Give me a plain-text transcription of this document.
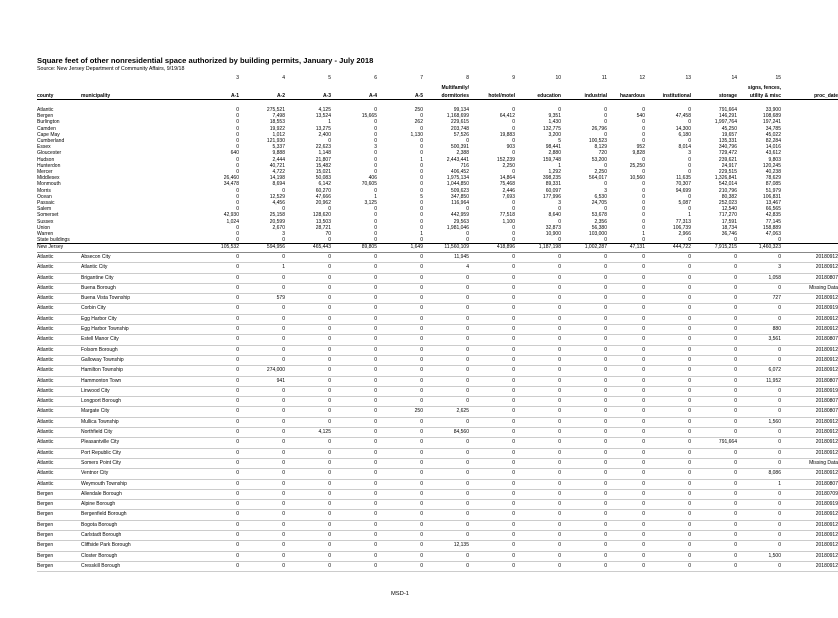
Square feet of other nonresidential space authorized by building permits, January - July 2018
Source: New Jersey Department of Community Affairs, 9/19/18
		3	4	5	6	7	8	9	10	11	12	13	14	15	
							Multifamily/							signs, fences,	
county	municipality	A-1	A-2	A-3	A-4	A-5	dormitories	hotel/motel	education	industrial	hazardous	institutional	storage	utility & misc	proc_date
Atlantic		0	275,521	4,125	0	250	99,134	0	0	0	0	0	791,664	33,900	
Bergen		0	7,498	13,524	15,665	0	1,168,699	64,412	9,351	0	540	47,458	146,291	108,689	
Burlington		0	18,553	1	0	262	229,615	0	1,430	0	0	0	1,997,764	197,241	
Camden		0	19,922	13,275	0	0	203,748	0	132,775	26,796	0	14,300	45,250	34,785	
Cape May		0	1,012	2,400	0	1,130	57,526	19,883	3,200	0	0	6,180	19,657	45,022	
Cumberland		0	121,930	0	0	0	0	0	5	100,523	0	0	135,331	82,284	
Essex		0	5,337	22,623	3	0	500,391	903	98,441	8,129	952	8,014	340,796	14,016	
Gloucester		640	9,888	1,148	0	0	2,388	0	2,880	720	9,828	3	729,472	43,612	
Hudson		0	2,444	21,807	0	1	2,443,441	152,239	159,748	53,200	0	0	239,621	9,803	
Hunterdon		0	40,721	15,482	0	0	716	2,250	1	0	25,250	0	24,917	120,245	
Mercer		0	4,722	15,021	0	0	406,452	0	1,292	2,250	0	0	229,515	40,238	
Middlesex		26,460	14,198	50,083	406	0	1,975,134	14,864	398,235	564,017	10,560	11,635	1,326,841	78,629	
Monmouth		34,478	8,694	6,142	70,605	0	1,044,850	75,468	89,331	0	0	70,307	542,014	87,085	
Morris		0	0	60,270	0	0	509,623	2,446	60,097	3	0	94,699	210,796	51,979	
Ocean		0	12,529	47,666	1	5	347,850	7,693	177,996	6,530	0	0	80,382	106,831	
Passaic		0	4,456	20,962	3,125	0	116,964	0	3	24,705	0	5,087	252,023	13,467	
Salem		0	0	0	0	0	0	0	0	0	0	0	12,540	66,565	
Somerset		42,930	25,158	128,620	0	0	442,959	77,518	8,640	53,678	0	1	717,270	42,835	
Sussex		1,024	20,599	13,503	0	0	29,563	1,100	0	2,356	0	77,313	17,591	77,145	
Union		0	2,670	28,721	0	0	1,981,046	0	32,873	56,380	0	106,739	18,734	158,889	
Warren		0	3	70	0	1	0	0	10,900	103,000	1	2,966	36,746	47,063	
State buildings		0	0	0	0	0	0	0	0	0	0	0	0	0	
New Jersey		105,532	594,956	465,443	89,805	1,649	11,560,109	418,896	1,187,198	1,002,287	47,131	444,722	7,915,215	1,460,323	
Atlantic	Absecon City	0	0	0	0	0	11,945	0	0	0	0	0	0	0	20180912
Atlantic	Atlantic City	0	1	0	0	0	4	0	0	0	0	0	0	3	20180912
Atlantic	Brigantine City	0	0	0	0	0	0	0	0	0	0	0	0	1,058	20180807
Atlantic	Buena Borough	0	0	0	0	0	0	0	0	0	0	0	0	0	Missing Data
Atlantic	Buena Vista Township	0	579	0	0	0	0	0	0	0	0	0	0	727	20180912
Atlantic	Corbin City	0	0	0	0	0	0	0	0	0	0	0	0	0	20180919
Atlantic	Egg Harbor City	0	0	0	0	0	0	0	0	0	0	0	0	0	20180912
Atlantic	Egg Harbor Township	0	0	0	0	0	0	0	0	0	0	0	0	880	20180912
Atlantic	Estell Manor City	0	0	0	0	0	0	0	0	0	0	0	0	3,561	20180807
Atlantic	Folsom Borough	0	0	0	0	0	0	0	0	0	0	0	0	0	20180912
Atlantic	Galloway Township	0	0	0	0	0	0	0	0	0	0	0	0	0	20180912
Atlantic	Hamilton Township	0	274,000	0	0	0	0	0	0	0	0	0	0	6,072	20180912
Atlantic	Hammonton Town	0	941	0	0	0	0	0	0	0	0	0	0	11,952	20180807
Atlantic	Linwood City	0	0	0	0	0	0	0	0	0	0	0	0	0	20180919
Atlantic	Longport Borough	0	0	0	0	0	0	0	0	0	0	0	0	0	20180807
Atlantic	Margate City	0	0	0	0	250	2,625	0	0	0	0	0	0	0	20180807
Atlantic	Mullica Township	0	0	0	0	0	0	0	0	0	0	0	0	1,560	20180912
Atlantic	Northfield City	0	0	4,125	0	0	84,560	0	0	0	0	0	0	0	20180912
Atlantic	Pleasantville City	0	0	0	0	0	0	0	0	0	0	0	791,664	0	20180912
Atlantic	Port Republic City	0	0	0	0	0	0	0	0	0	0	0	0	0	20180912
Atlantic	Somers Point City	0	0	0	0	0	0	0	0	0	0	0	0	0	Missing Data
Atlantic	Ventnor City	0	0	0	0	0	0	0	0	0	0	0	0	8,086	20180912
Atlantic	Weymouth Township	0	0	0	0	0	0	0	0	0	0	0	0	1	20180807
Bergen	Allendale Borough	0	0	0	0	0	0	0	0	0	0	0	0	0	20180709
Bergen	Alpine Borough	0	0	0	0	0	0	0	0	0	0	0	0	0	20180919
Bergen	Bergenfield Borough	0	0	0	0	0	0	0	0	0	0	0	0	0	20180912
Bergen	Bogota Borough	0	0	0	0	0	0	0	0	0	0	0	0	0	20180912
Bergen	Carlstadt Borough	0	0	0	0	0	0	0	0	0	0	0	0	0	20180912
Bergen	Cliffside Park Borough	0	0	0	0	0	12,135	0	0	0	0	0	0	0	20180912
Bergen	Closter Borough	0	0	0	0	0	0	0	0	0	0	0	0	1,500	20180912
Bergen	Cresskill Borough	0	0	0	0	0	0	0	0	0	0	0	0	0	20180912
MSD-1
